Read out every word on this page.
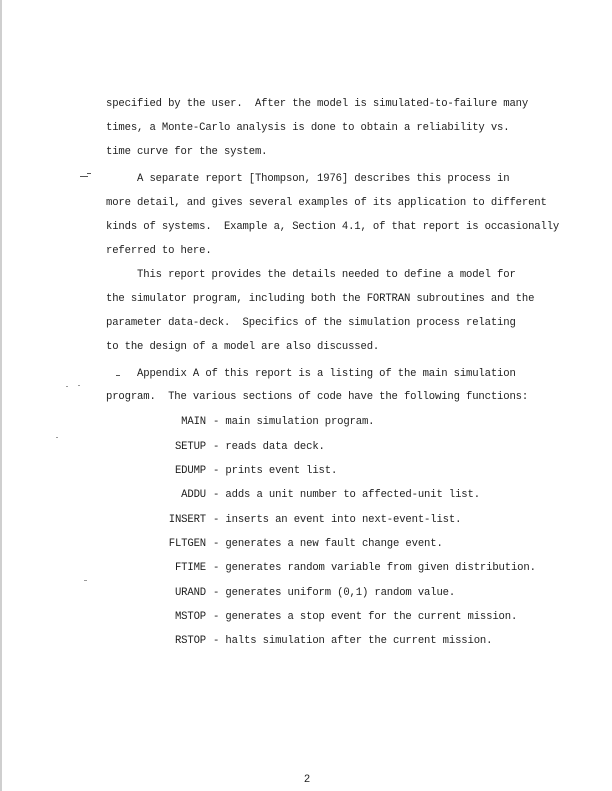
specified by the user.  After the model is simulated-to-failure many
times, a Monte-Carlo analysis is done to obtain a reliability vs.
time curve for the system.
A separate report [Thompson, 1976] describes this process in
more detail, and gives several examples of its application to different
kinds of systems.  Example a, Section 4.1, of that report is occasionally
referred to here.
This report provides the details needed to define a model for
the simulator program, including both the FORTRAN subroutines and the
parameter data-deck.  Specifics of the simulation process relating
to the design of a model are also discussed.
Appendix A of this report is a listing of the main simulation
program.  The various sections of code have the following functions:
MAIN - main simulation program.
SETUP - reads data deck.
EDUMP - prints event list.
ADDU - adds a unit number to affected-unit list.
INSERT - inserts an event into next-event-list.
FLTGEN - generates a new fault change event.
FTIME - generates random variable from given distribution.
URAND - generates uniform (0,1) random value.
MSTOP - generates a stop event for the current mission.
RSTOP - halts simulation after the current mission.
2
